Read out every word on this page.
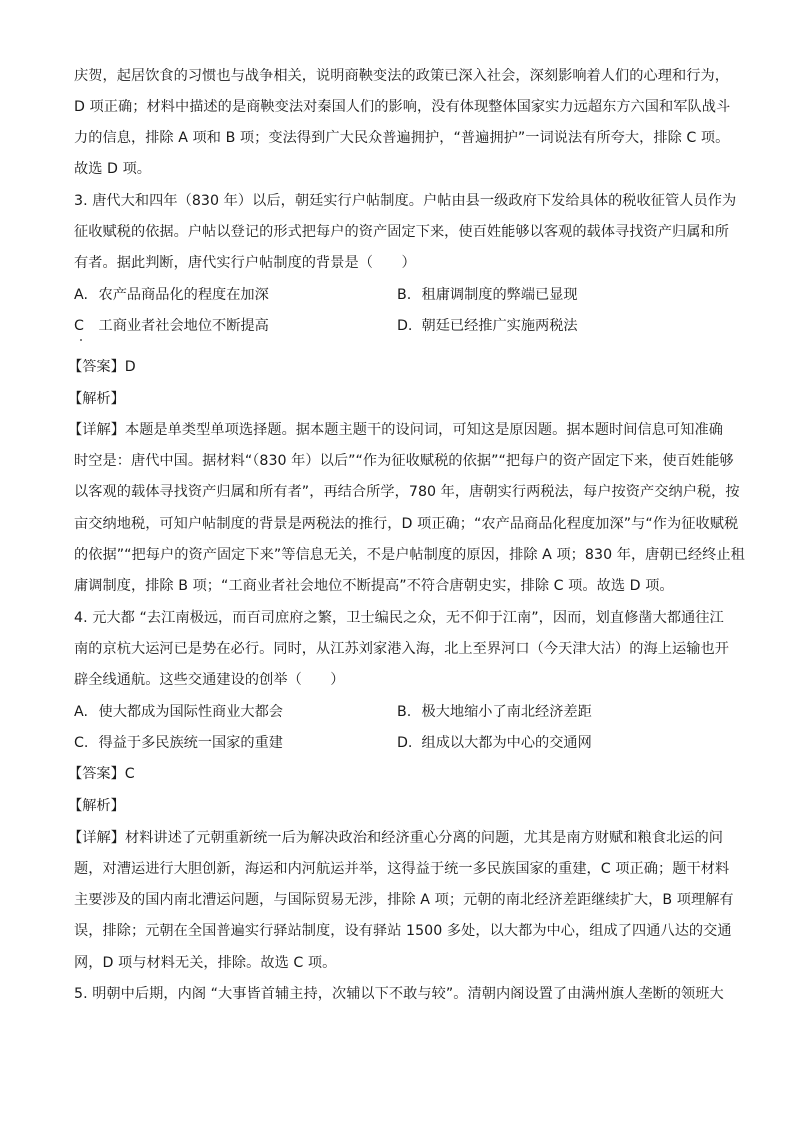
庆贺，起居饮食的习惯也与战争相关，说明商鞅变法的政策已深入社会，深刻影响着人们的心理和行为，
D 项正确；材料中描述的是商鞅变法对秦国人们的影响，没有体现整体国家实力远超东方六国和军队战斗
力的信息，排除 A 项和 B 项；变法得到广大民众普遍拥护，“普遍拥护”一词说法有所夸大，排除 C 项。
故选 D 项。
3. 唐代大和四年（830 年）以后，朝廷实行户帖制度。户帖由县一级政府下发给具体的税收征管人员作为
征收赋税的依据。户帖以登记的形式把每户的资产固定下来，使百姓能够以客观的载体寻找资产归属和所
有者。据此判断，唐代实行户帖制度的背景是（　　）
A. 农产品商品化的程度在加深	B. 租庸调制度的弊端已显现
C 工商业者社会地位不断提高	D. 朝廷已经推广实施两税法
【答案】D
【解析】
【详解】本题是单类型单项选择题。据本题主题干的设问词，可知这是原因题。据本题时间信息可知准确
时空是：唐代中国。据材料“（830 年）以后”“作为征收赋税的依据”“把每户的资产固定下来，使百姓能够
以客观的载体寻找资产归属和所有者”，再结合所学，780 年，唐朝实行两税法，每户按资产交纳户税，按
亩交纳地税，可知户帖制度的背景是两税法的推行，D 项正确；“农产品商品化程度加深”与“作为征收赋税
的依据”“把每户的资产固定下来”等信息无关，不是户帖制度的原因，排除 A 项；830 年，唐朝已经终止租
庸调制度，排除 B 项；“工商业者社会地位不断提高”不符合唐朝史实，排除 C 项。故选 D 项。
4. 元大都 “去江南极远，而百司庶府之繁，卫士编民之众，无不仰于江南”，因而，划直修凿大都通往江
南的京杭大运河已是势在必行。同时，从江苏刘家港入海，北上至界河口（今天津大沽）的海上运输也开
辟全线通航。这些交通建设的创举（　　）
A. 使大都成为国际性商业大都会	B. 极大地缩小了南北经济差距
C. 得益于多民族统一国家的重建	D. 组成以大都为中心的交通网
【答案】C
【解析】
【详解】材料讲述了元朝重新统一后为解决政治和经济重心分离的问题，尤其是南方财赋和粮食北运的问
题，对漕运进行大胆创新，海运和内河航运并举，这得益于统一多民族国家的重建，C 项正确；题干材料
主要涉及的国内南北漕运问题，与国际贸易无涉，排除 A 项；元朝的南北经济差距继续扩大，B 项理解有
误，排除；元朝在全国普遍实行驿站制度，设有驿站 1500 多处，以大都为中心，组成了四通八达的交通
网，D 项与材料无关，排除。故选 C 项。
5. 明朝中后期，内阁 “大事皆首辅主持，次辅以下不敢与较”。清朝内阁设置了由满州旗人垄断的领班大
